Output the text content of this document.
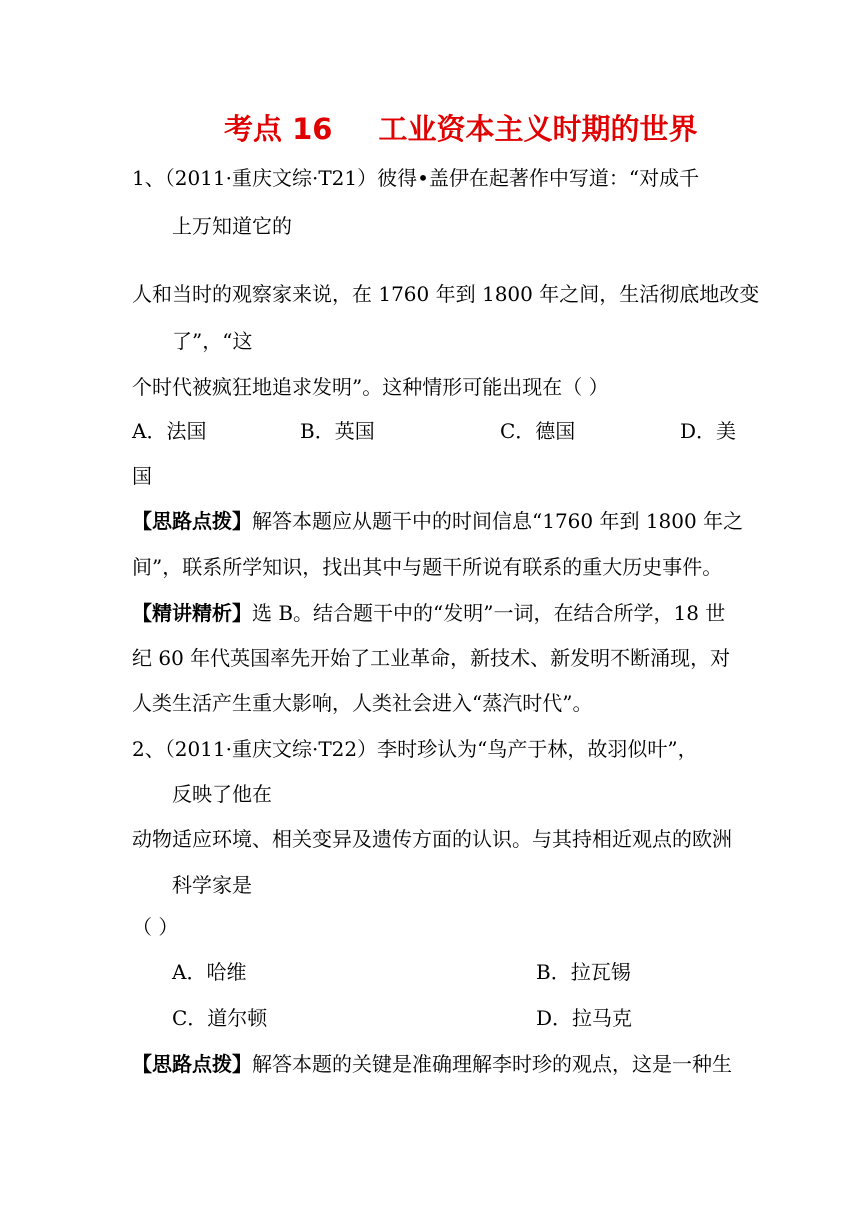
考点 16 工业资本主义时期的世界
1、（2011·重庆文综·T21）彼得•盖伊在起著作中写道：“对成千
上万知道它的
人和当时的观察家来说，在 1760 年到 1800 年之间，生活彻底地改变
了”，“这
个时代被疯狂地追求发明”。这种情形可能出现在（ ）
A．法国	B．英国	C．德国	D．美
国
【思路点拨】解答本题应从题干中的时间信息“1760 年到 1800 年之
间”，联系所学知识，找出其中与题干所说有联系的重大历史事件。
【精讲精析】选 B。结合题干中的“发明”一词，在结合所学，18 世
纪 60 年代英国率先开始了工业革命，新技术、新发明不断涌现，对
人类生活产生重大影响，人类社会进入“蒸汽时代”。
2、（2011·重庆文综·T22）李时珍认为“鸟产于林，故羽似叶”，
反映了他在
动物适应环境、相关变异及遗传方面的认识。与其持相近观点的欧洲
科学家是
（ ）
A．哈维	B．拉瓦锡
C．道尔顿	D．拉马克
【思路点拨】解答本题的关键是准确理解李时珍的观点，这是一种生
